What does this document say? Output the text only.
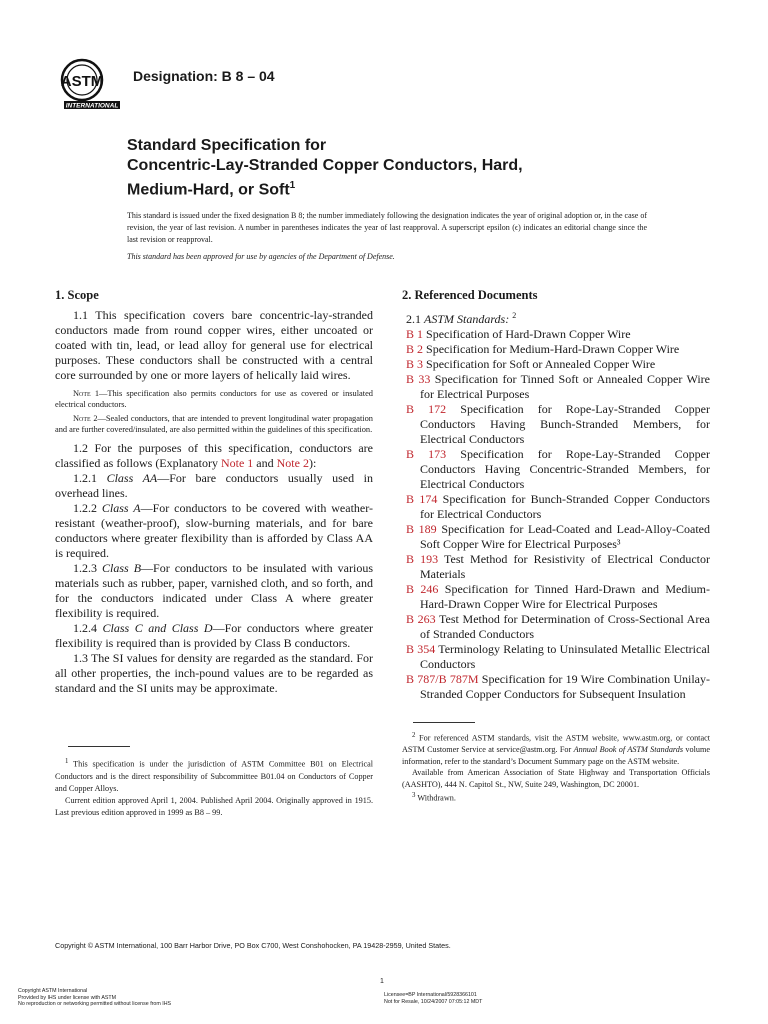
ASTM
INTERNATIONAL
Designation: B 8 – 04
Standard Specification for
Concentric-Lay-Stranded Copper Conductors, Hard,
Medium-Hard, or Soft$^1$
This standard is issued under the fixed designation B 8; the number immediately following the designation indicates the year of original adoption or, in the case of revision, the year of last revision. A number in parentheses indicates the year of last reapproval. A superscript epsilon (ϵ) indicates an editorial change since the last revision or reapproval.
This standard has been approved for use by agencies of the Department of Defense.
1. Scope

1.1 This specification covers bare concentric-lay-stranded conductors made from round copper wires, either uncoated or coated with tin, lead, or lead alloy for general use for electrical purposes. These conductors shall be constructed with a central core surrounded by one or more layers of helically laid wires.

Note 1—This specification also permits conductors for use as covered or insulated electrical conductors.

Note 2—Sealed conductors, that are intended to prevent longitudinal water propagation and are further covered/insulated, are also permitted within the guidelines of this specification.

1.2 For the purposes of this specification, conductors are classified as follows (Explanatory Note 1 and Note 2):

1.2.1 Class AA—For bare conductors usually used in overhead lines.

1.2.2 Class A—For conductors to be covered with weather-resistant (weather-proof), slow-burning materials, and for bare conductors where greater flexibility than is afforded by Class AA is required.

1.2.3 Class B—For conductors to be insulated with various materials such as rubber, paper, varnished cloth, and so forth, and for the conductors indicated under Class A where greater flexibility is required.

1.2.4 Class C and Class D—For conductors where greater flexibility is required than is provided by Class B conductors.

1.3 The SI values for density are regarded as the standard. For all other properties, the inch-pound values are to be regarded as standard and the SI units may be approximate.

2. Referenced Documents
2.1 ASTM Standards: $^2$
B 1 Specification of Hard-Drawn Copper Wire
B 2 Specification for Medium-Hard-Drawn Copper Wire
B 3 Specification for Soft or Annealed Copper Wire
B 33 Specification for Tinned Soft or Annealed Copper Wire for Electrical Purposes
B 172 Specification for Rope-Lay-Stranded Copper Conductors Having Bunch-Stranded Members, for Electrical Conductors
B 173 Specification for Rope-Lay-Stranded Copper Conductors Having Concentric-Stranded Members, for Electrical Conductors
B 174 Specification for Bunch-Stranded Copper Conductors for Electrical Conductors
B 189 Specification for Lead-Coated and Lead-Alloy-Coated Soft Copper Wire for Electrical Purposes³
B 193 Test Method for Resistivity of Electrical Conductor Materials
B 246 Specification for Tinned Hard-Drawn and Medium-Hard-Drawn Copper Wire for Electrical Purposes
B 263 Test Method for Determination of Cross-Sectional Area of Stranded Conductors
B 354 Terminology Relating to Uninsulated Metallic Electrical Conductors
B 787/B 787M Specification for 19 Wire Combination Unilay-Stranded Copper Conductors for Subsequent Insulation

$^1$ This specification is under the jurisdiction of ASTM Committee B01 on Electrical Conductors and is the direct responsibility of Subcommittee B01.04 on Conductors of Copper and Copper Alloys.

Current edition approved April 1, 2004. Published April 2004. Originally approved in 1915. Last previous edition approved in 1999 as B8 – 99.

$^2$ For referenced ASTM standards, visit the ASTM website, www.astm.org, or contact ASTM Customer Service at service@astm.org. For Annual Book of ASTM Standards volume information, refer to the standard’s Document Summary page on the ASTM website.

Available from American Association of State Highway and Transportation Officials (AASHTO), 444 N. Capitol St., NW, Suite 249, Washington, DC 20001.

$^3$ Withdrawn.

Copyright © ASTM International, 100 Barr Harbor Drive, PO Box C700, West Conshohocken, PA 19428-2959, United States.
1
Copyright ASTM International
Provided by IHS under license with ASTM
No reproduction or networking permitted without license from IHS
Licensee=BP International/5928366101
Not for Resale, 10/24/2007 07:05:12 MDT
